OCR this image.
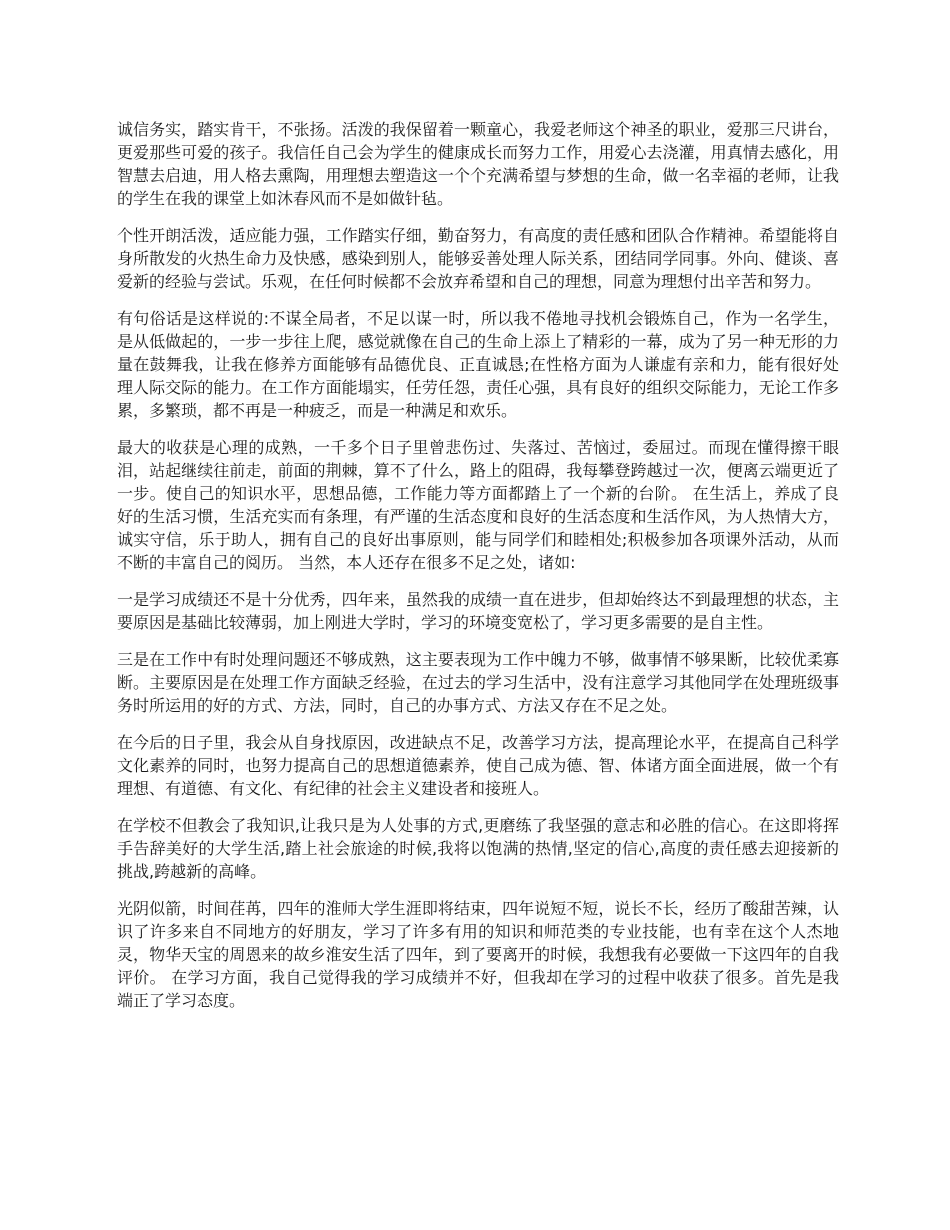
诚信务实，踏实肯干，不张扬。活泼的我保留着一颗童心，我爱老师这个神圣的职业，爱那三尺讲台，更爱那些可爱的孩子。我信任自己会为学生的健康成长而努力工作，用爱心去浇灌，用真情去感化，用智慧去启迪，用人格去熏陶，用理想去塑造这一个个充满希望与梦想的生命，做一名幸福的老师，让我的学生在我的课堂上如沐春风而不是如做针毡。

个性开朗活泼，适应能力强，工作踏实仔细，勤奋努力，有高度的责任感和团队合作精神。希望能将自身所散发的火热生命力及快感，感染到别人，能够妥善处理人际关系，团结同学同事。外向、健谈、喜爱新的经验与尝试。乐观，在任何时候都不会放弃希望和自己的理想，同意为理想付出辛苦和努力。

有句俗话是这样说的:不谋全局者，不足以谋一时，所以我不倦地寻找机会锻炼自己，作为一名学生，是从低做起的，一步一步往上爬，感觉就像在自己的生命上添上了精彩的一幕，成为了另一种无形的力量在鼓舞我，让我在修养方面能够有品德优良、正直诚恳;在性格方面为人谦虚有亲和力，能有很好处理人际交际的能力。在工作方面能塌实，任劳任怨，责任心强，具有良好的组织交际能力，无论工作多累，多繁琐，都不再是一种疲乏，而是一种满足和欢乐。

最大的收获是心理的成熟，一千多个日子里曾悲伤过、失落过、苦恼过，委屈过。而现在懂得擦干眼泪，站起继续往前走，前面的荆棘，算不了什么，路上的阻碍，我每攀登跨越过一次，便离云端更近了一步。使自己的知识水平，思想品德，工作能力等方面都踏上了一个新的台阶。 在生活上，养成了良好的生活习惯，生活充实而有条理，有严谨的生活态度和良好的生活态度和生活作风，为人热情大方，诚实守信，乐于助人，拥有自己的良好出事原则，能与同学们和睦相处;积极参加各项课外活动，从而不断的丰富自己的阅历。 当然，本人还存在很多不足之处，诸如:

一是学习成绩还不是十分优秀，四年来，虽然我的成绩一直在进步，但却始终达不到最理想的状态，主要原因是基础比较薄弱，加上刚进大学时，学习的环境变宽松了，学习更多需要的是自主性。

三是在工作中有时处理问题还不够成熟，这主要表现为工作中魄力不够，做事情不够果断，比较优柔寡断。主要原因是在处理工作方面缺乏经验，在过去的学习生活中，没有注意学习其他同学在处理班级事务时所运用的好的方式、方法，同时，自己的办事方式、方法又存在不足之处。

在今后的日子里，我会从自身找原因，改进缺点不足，改善学习方法，提高理论水平，在提高自己科学文化素养的同时，也努力提高自己的思想道德素养，使自己成为德、智、体诸方面全面进展，做一个有理想、有道德、有文化、有纪律的社会主义建设者和接班人。

在学校不但教会了我知识,让我只是为人处事的方式,更磨练了我坚强的意志和必胜的信心。在这即将挥手告辞美好的大学生活,踏上社会旅途的时候,我将以饱满的热情,坚定的信心,高度的责任感去迎接新的挑战,跨越新的高峰。

光阴似箭，时间荏苒，四年的淮师大学生涯即将结束，四年说短不短，说长不长，经历了酸甜苦辣，认识了许多来自不同地方的好朋友，学习了许多有用的知识和师范类的专业技能，也有幸在这个人杰地灵，物华天宝的周恩来的故乡淮安生活了四年，到了要离开的时候，我想我有必要做一下这四年的自我评价。 在学习方面，我自己觉得我的学习成绩并不好，但我却在学习的过程中收获了很多。首先是我端正了学习态度。
